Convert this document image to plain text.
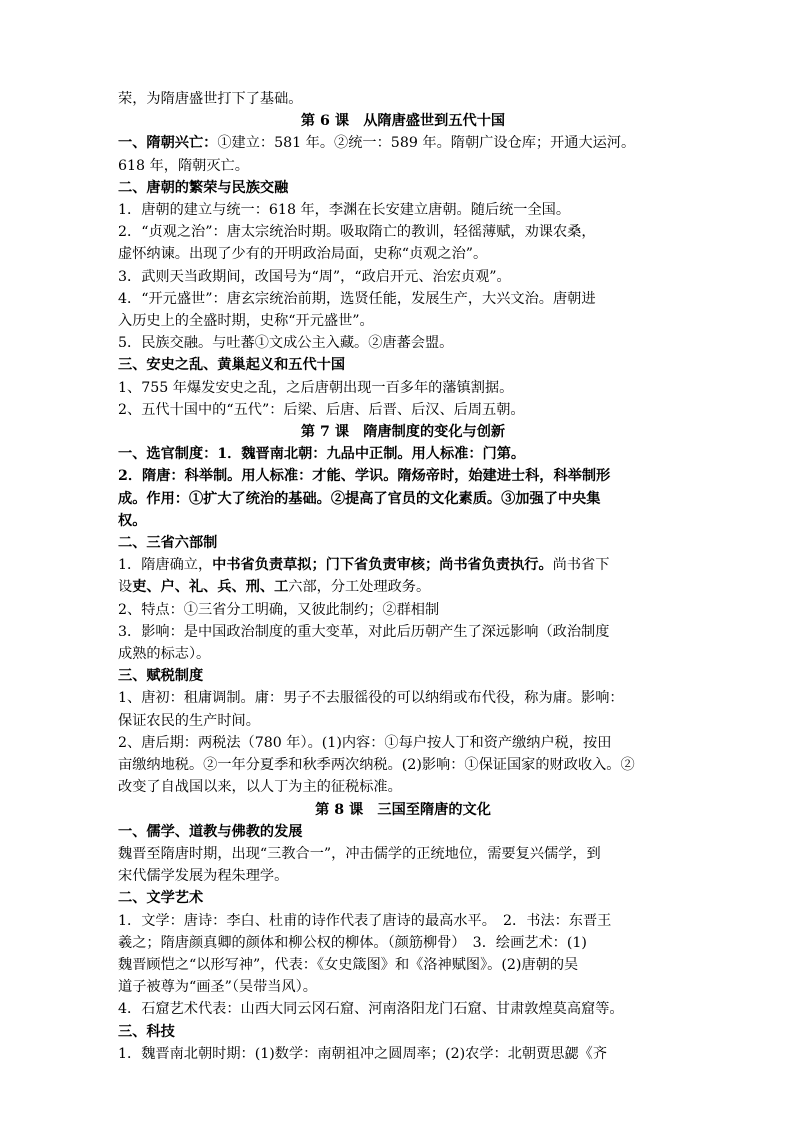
荣，为隋唐盛世打下了基础。
第 6 课　从隋唐盛世到五代十国
一、隋朝兴亡：①建立：581 年。②统一：589 年。隋朝广设仓库；开通大运河。
618 年，隋朝灭亡。
二、唐朝的繁荣与民族交融
1．唐朝的建立与统一：618 年，李渊在长安建立唐朝。随后统一全国。
2．“贞观之治”：唐太宗统治时期。吸取隋亡的教训，轻徭薄赋，劝课农桑，
虚怀纳谏。出现了少有的开明政治局面，史称“贞观之治”。
3．武则天当政期间，改国号为“周”，“政启开元、治宏贞观”。
4．“开元盛世”：唐玄宗统治前期，选贤任能，发展生产，大兴文治。唐朝进
入历史上的全盛时期，史称“开元盛世”。
5．民族交融。与吐蕃①文成公主入藏。②唐蕃会盟。
三、安史之乱、黄巢起义和五代十国
1、755 年爆发安史之乱，之后唐朝出现一百多年的藩镇割据。
2、五代十国中的“五代”：后梁、后唐、后晋、后汉、后周五朝。
第 7 课　隋唐制度的变化与创新
一、选官制度：1．魏晋南北朝：九品中正制。用人标准：门第。
2．隋唐：科举制。用人标准：才能、学识。隋炀帝时，始建进士科，科举制形
成。作用：①扩大了统治的基础。②提高了官员的文化素质。③加强了中央集
权。
二、三省六部制
1．隋唐确立，中书省负责草拟；门下省负责审核；尚书省负责执行。尚书省下
设吏、户、礼、兵、刑、工六部，分工处理政务。
2、特点：①三省分工明确，又彼此制约；②群相制
3．影响：是中国政治制度的重大变革，对此后历朝产生了深远影响（政治制度
成熟的标志）。
三、赋税制度
1、唐初：租庸调制。庸：男子不去服徭役的可以纳绢或布代役，称为庸。影响：
保证农民的生产时间。
2、唐后期：两税法（780 年）。(1)内容：①每户按人丁和资产缴纳户税，按田
亩缴纳地税。②一年分夏季和秋季两次纳税。(2)影响：①保证国家的财政收入。②
改变了自战国以来，以人丁为主的征税标准。
第 8 课　三国至隋唐的文化
一、儒学、道教与佛教的发展
魏晋至隋唐时期，出现“三教合一”，冲击儒学的正统地位，需要复兴儒学，到
宋代儒学发展为程朱理学。
二、文学艺术
1．文学：唐诗：李白、杜甫的诗作代表了唐诗的最高水平。　2．书法：东晋王
羲之；隋唐颜真卿的颜体和柳公权的柳体。（颜筋柳骨）　3．绘画艺术：(1)
魏晋顾恺之“以形写神”，代表：《女史箴图》和《洛神赋图》。(2)唐朝的吴
道子被尊为“画圣”（吴带当风）。
4．石窟艺术代表：山西大同云冈石窟、河南洛阳龙门石窟、甘肃敦煌莫高窟等。
三、科技
1．魏晋南北朝时期：(1)数学：南朝祖冲之圆周率；(2)农学：北朝贾思勰《齐
